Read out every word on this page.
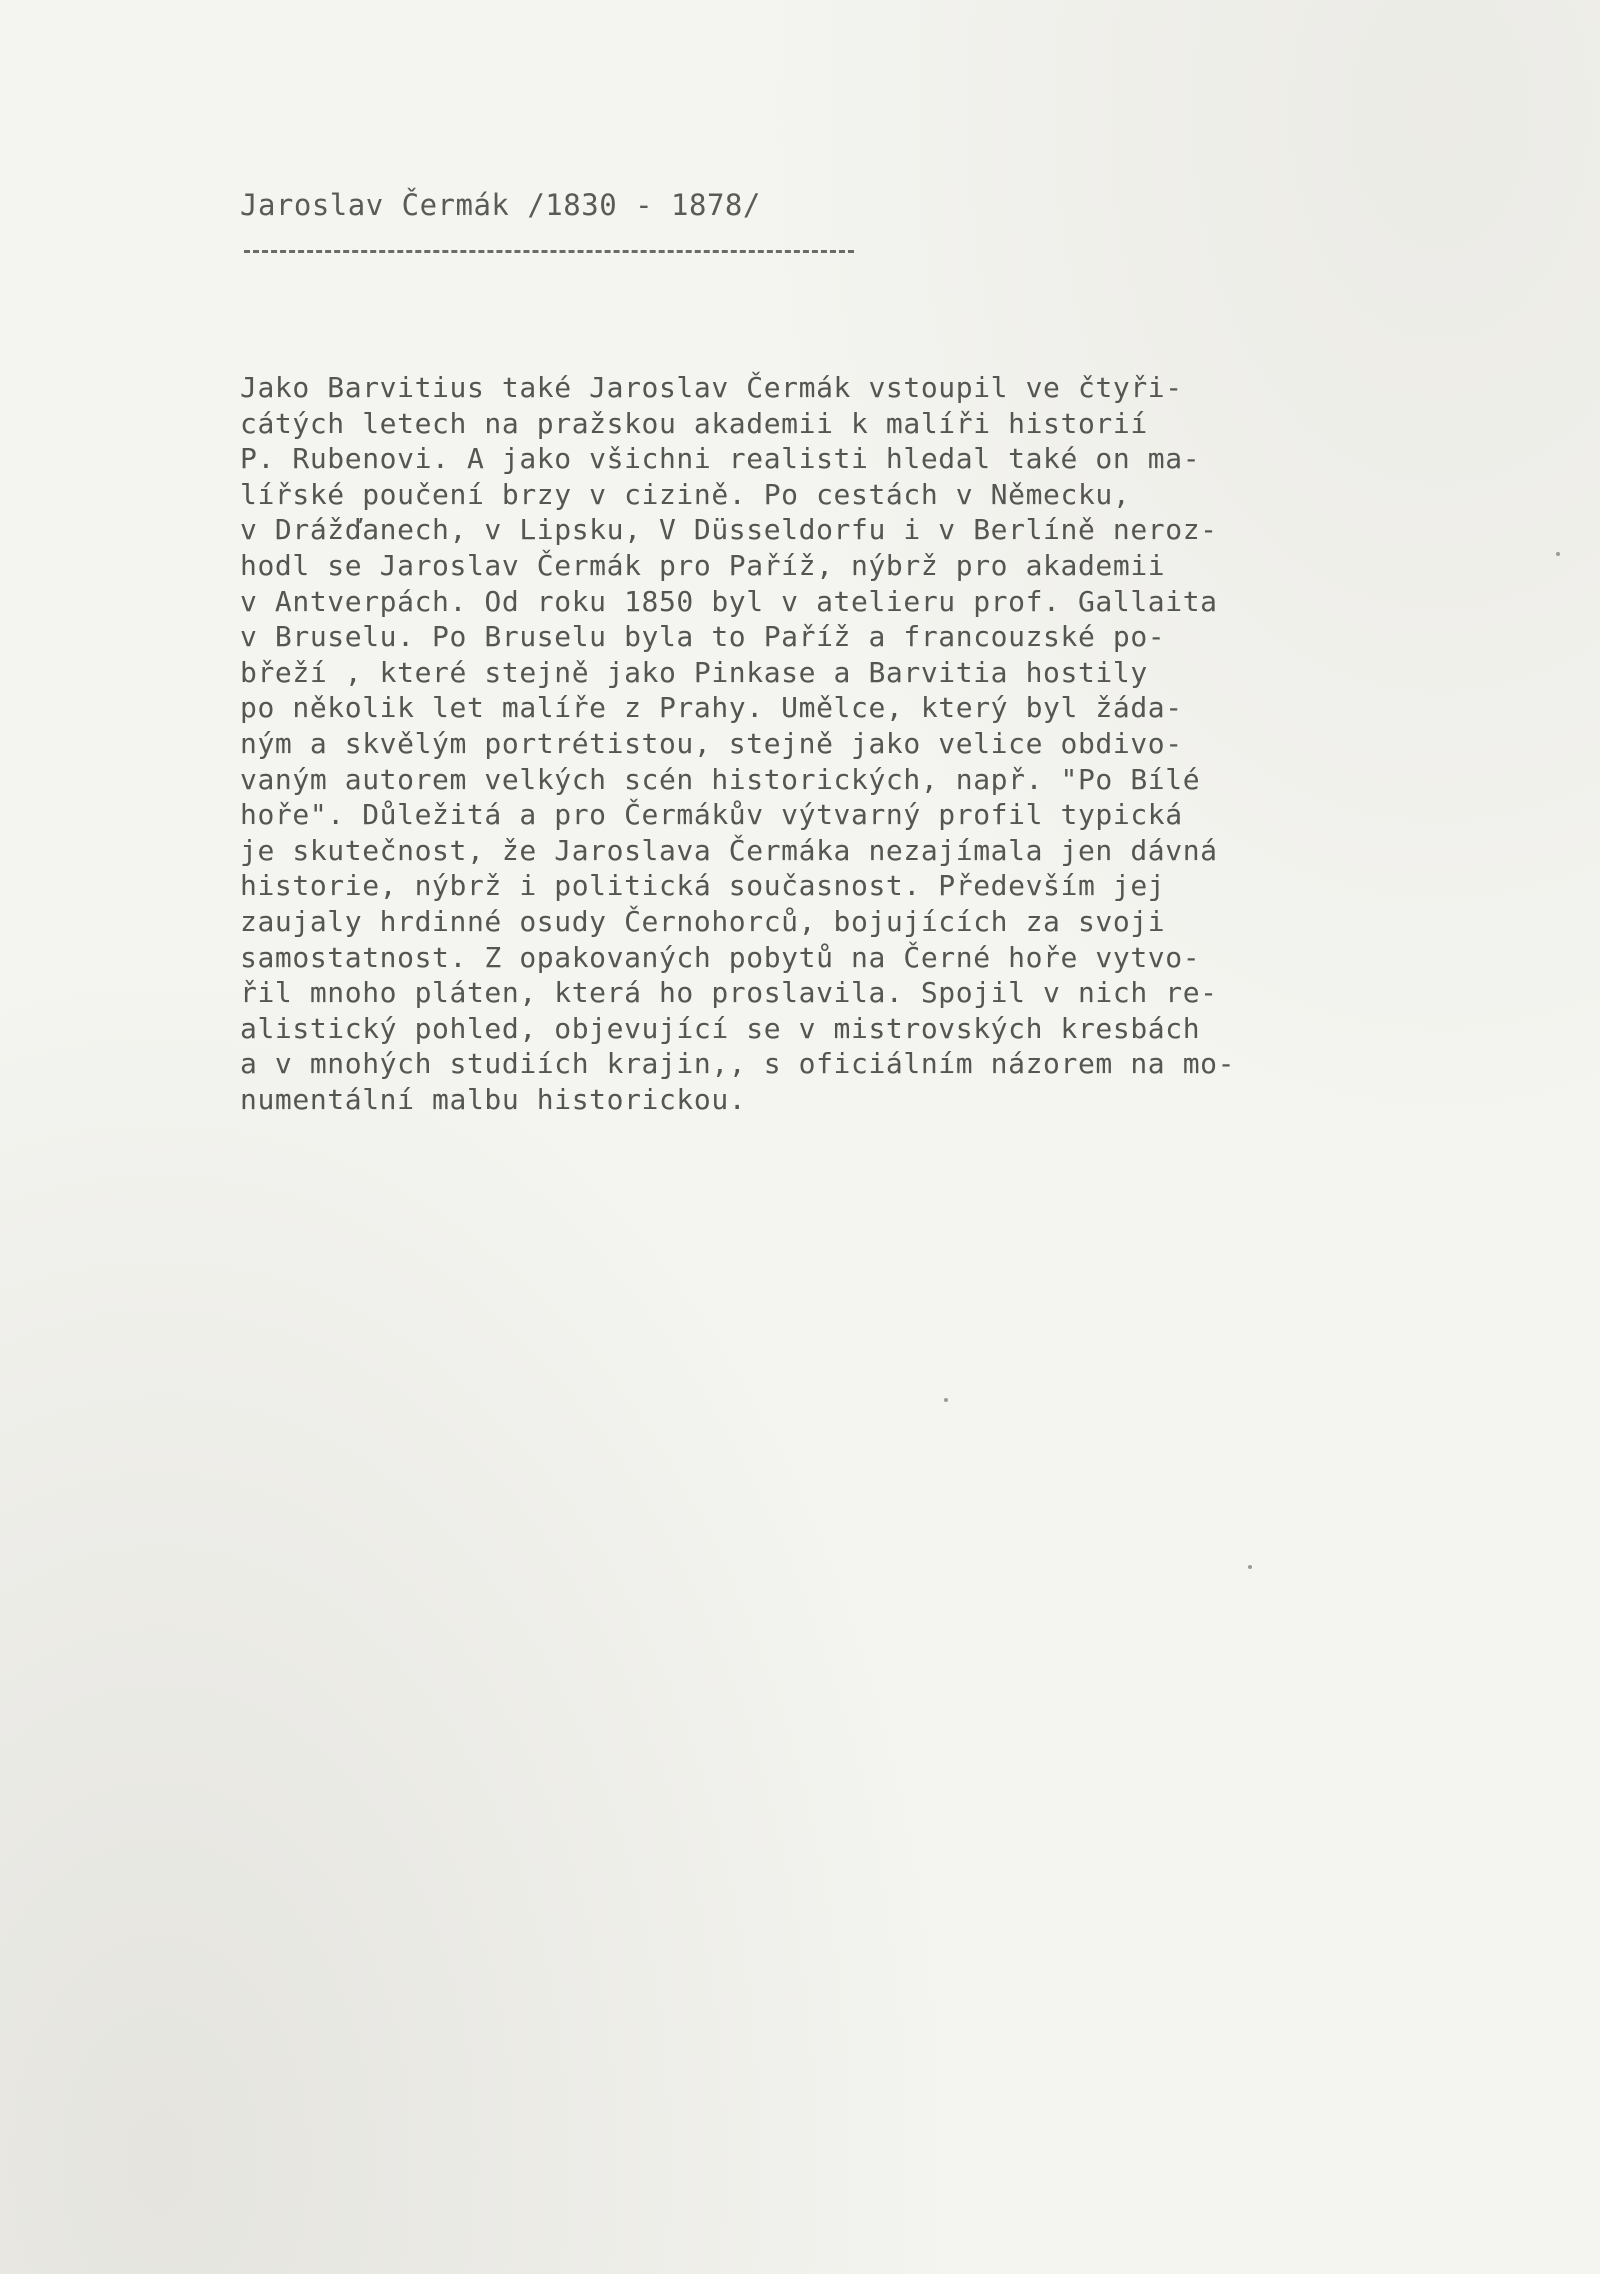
Jaroslav Čermák /1830 - 1878/
Jako Barvitius také Jaroslav Čermák vstoupil ve čtyři-
cátých letech na pražskou akademii k malíři historií
P. Rubenovi. A jako všichni realisti hledal také on ma-
lířské poučení brzy v cizině. Po cestách v Německu,
v Drážďanech, v Lipsku, V Düsseldorfu i v Berlíně neroz-
hodl se Jaroslav Čermák pro Paříž, nýbrž pro akademii
v Antverpách. Od roku 1850 byl v atelieru prof. Gallaita
v Bruselu. Po Bruselu byla to Paříž a francouzské po-
břeží , které stejně jako Pinkase a Barvitia hostily
po několik let malíře z Prahy. Umělce, který byl žáda-
ným a skvělým portrétistou, stejně jako velice obdivo-
vaným autorem velkých scén historických, např. "Po Bílé
hoře". Důležitá a pro Čermákův výtvarný profil typická
je skutečnost, že Jaroslava Čermáka nezajímala jen dávná
historie, nýbrž i politická současnost. Především jej
zaujaly hrdinné osudy Černohorců, bojujících za svoji
samostatnost. Z opakovaných pobytů na Černé hoře vytvo-
řil mnoho pláten, která ho proslavila. Spojil v nich re-
alistický pohled, objevující se v mistrovských kresbách
a v mnohých studiích krajin,, s oficiálním názorem na mo-
numentální malbu historickou.
